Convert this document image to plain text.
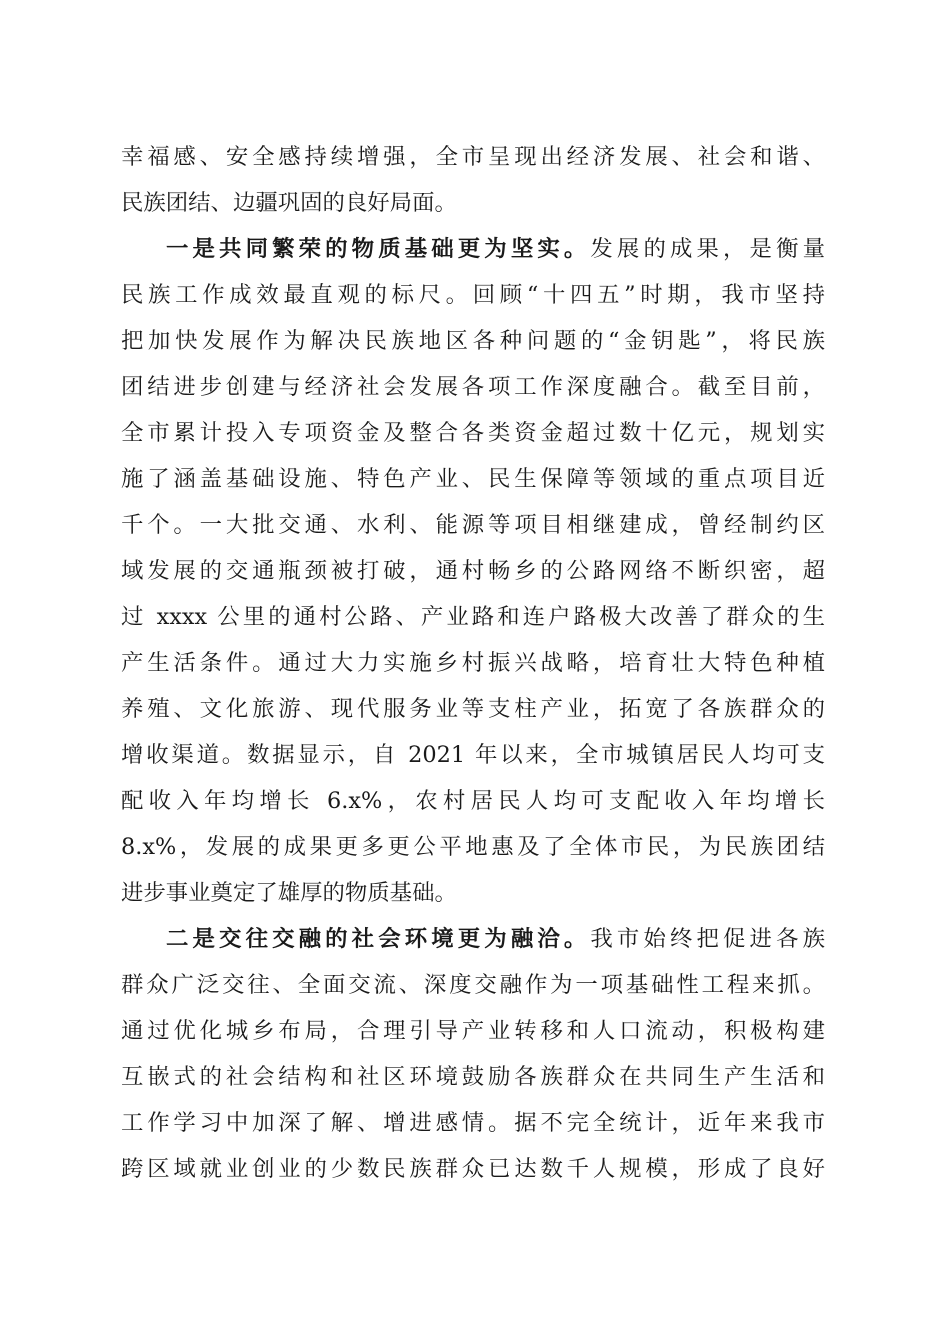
幸福感、安全感持续增强，全市呈现出经济发展、社会和谐、
民族团结、边疆巩固的良好局面。
一是共同繁荣的物质基础更为坚实。发展的成果，是衡量
民族工作成效最直观的标尺。回顾“十四五”时期，我市坚持
把加快发展作为解决民族地区各种问题的“金钥匙”，将民族
团结进步创建与经济社会发展各项工作深度融合。截至目前，
全市累计投入专项资金及整合各类资金超过数十亿元，规划实
施了涵盖基础设施、特色产业、民生保障等领域的重点项目近
千个。一大批交通、水利、能源等项目相继建成，曾经制约区
域发展的交通瓶颈被打破，通村畅乡的公路网络不断织密，超
过 xxxx 公里的通村公路、产业路和连户路极大改善了群众的生
产生活条件。通过大力实施乡村振兴战略，培育壮大特色种植
养殖、文化旅游、现代服务业等支柱产业，拓宽了各族群众的
增收渠道。数据显示，自 2021 年以来，全市城镇居民人均可支
配收入年均增长 6.x%，农村居民人均可支配收入年均增长
8.x%，发展的成果更多更公平地惠及了全体市民，为民族团结
进步事业奠定了雄厚的物质基础。
二是交往交融的社会环境更为融洽。我市始终把促进各族
群众广泛交往、全面交流、深度交融作为一项基础性工程来抓。
通过优化城乡布局，合理引导产业转移和人口流动，积极构建
互嵌式的社会结构和社区环境鼓励各族群众在共同生产生活和
工作学习中加深了解、增进感情。据不完全统计，近年来我市
跨区域就业创业的少数民族群众已达数千人规模，形成了良好
